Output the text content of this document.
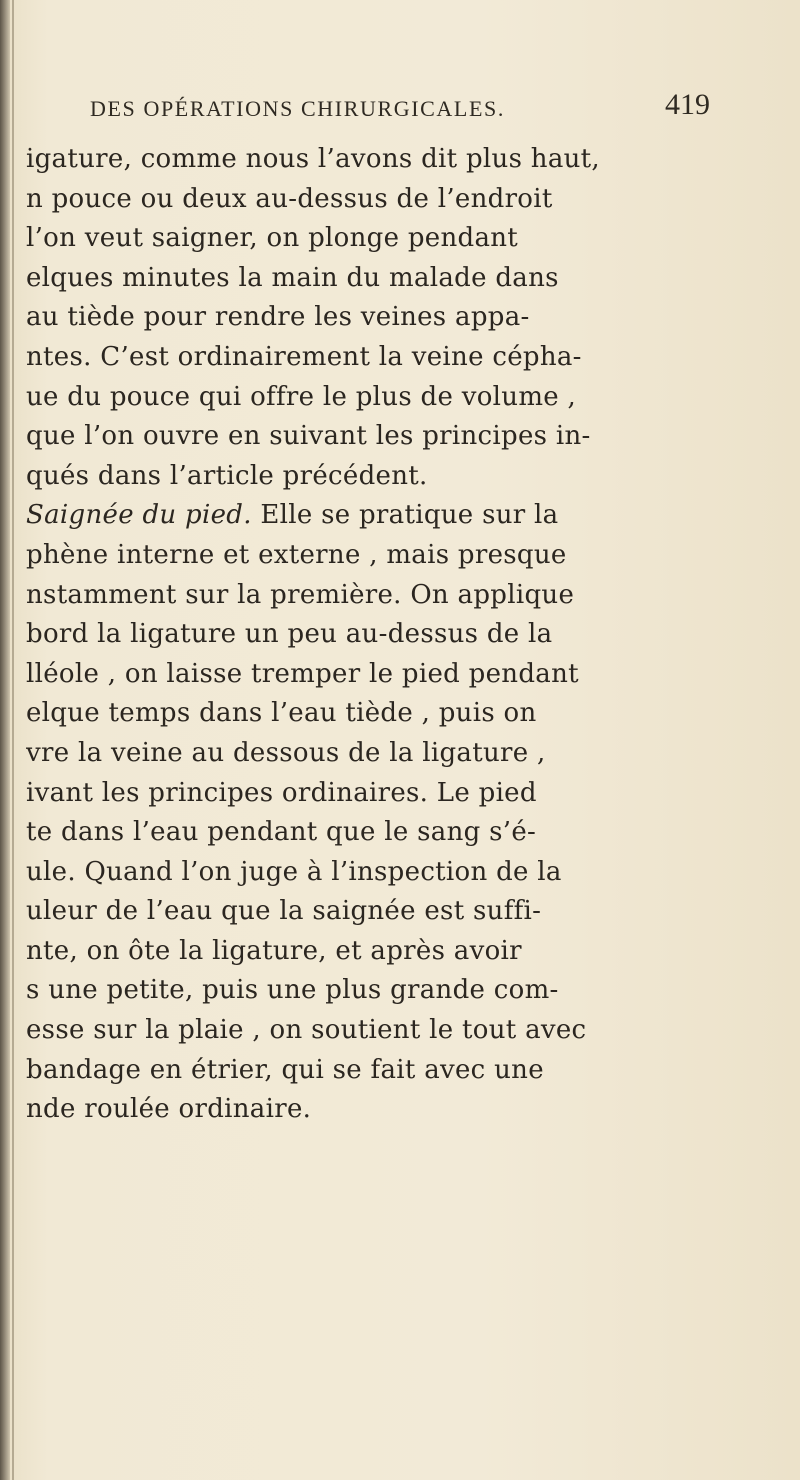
DES OPÉRATIONS CHIRURGICALES.	419
igature, comme nous l’avons dit plus haut,
n pouce ou deux au-dessus de l’endroit
l’on veut saigner, on plonge pendant
elques minutes la main du malade dans
au tiède pour rendre les veines appa-
ntes. C’est ordinairement la veine cépha-
ue du pouce qui offre le plus de volume ,
que l’on ouvre en suivant les principes in-
qués dans l’article précédent.
Saignée du pied. Elle se pratique sur la
phène interne et externe , mais presque
nstamment sur la première. On applique
bord la ligature un peu au-dessus de la
lléole , on laisse tremper le pied pendant
elque temps dans l’eau tiède , puis on
vre la veine au dessous de la ligature ,
ivant les principes ordinaires. Le pied
te dans l’eau pendant que le sang s’é-
ule. Quand l’on juge à l’inspection de la
uleur de l’eau que la saignée est suffi-
nte, on ôte la ligature, et après avoir
s une petite, puis une plus grande com-
esse sur la plaie , on soutient le tout avec
bandage en étrier, qui se fait avec une
nde roulée ordinaire.
